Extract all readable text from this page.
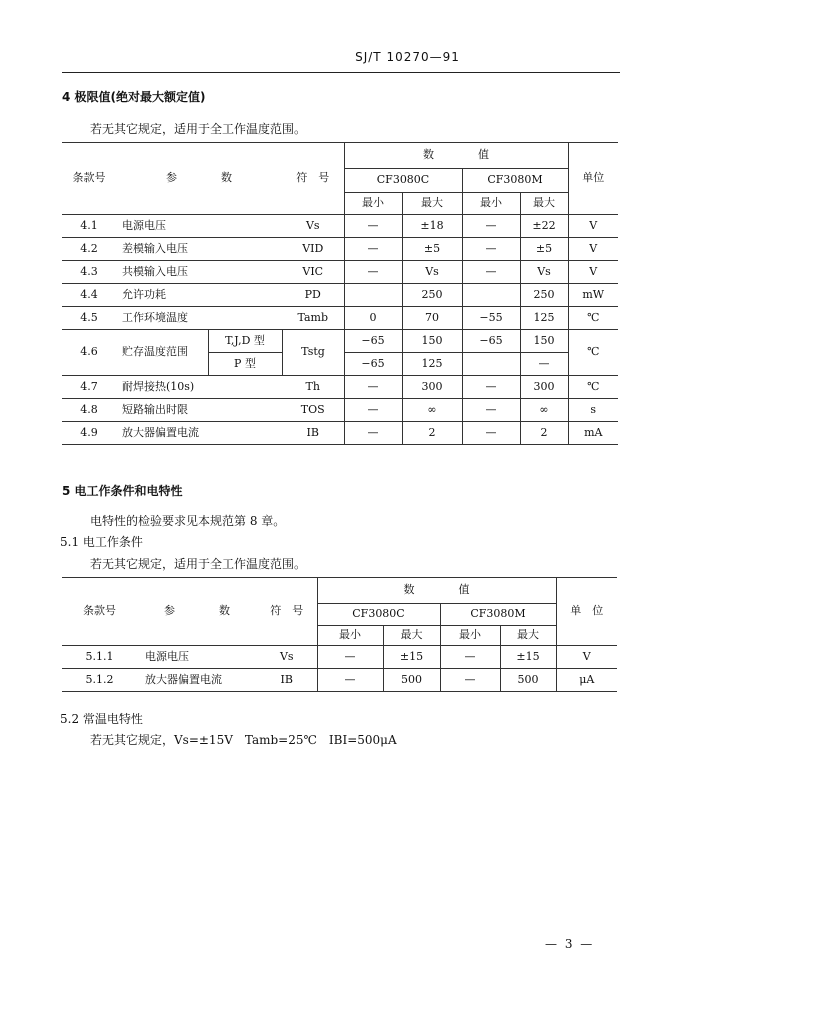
SJ/T 10270—91
4 极限值(绝对最大额定值)
若无其它规定，适用于全工作温度范围。
条款号	参　　　　数		符　号	数　　　　值				单位
				CF3080C		CF3080M		
				最小	最大	最小	最大	
4.1	电源电压		Vs	—	±18	—	±22	V
4.2	差模输入电压		VID	—	±5	—	±5	V
4.3	共模输入电压		VIC	—	Vs	—	Vs	V
4.4	允许功耗		PD		250		250	mW
4.5	工作环境温度		Tamb	0	70	−55	125	℃
4.6	贮存温度范围	T,J,D 型	Tstg	−65	150	−65	150	℃
		P 型		−65	125		—	
4.7	耐焊接热(10s)		Th	—	300	—	300	℃
4.8	短路输出时限		TOS	—	∞	—	∞	s
4.9	放大器偏置电流		IB	—	2	—	2	mA
5 电工作条件和电特性
电特性的检验要求见本规范第 8 章。
5.1 电工作条件
若无其它规定，适用于全工作温度范围。
条款号	参　　　　数	符　号	数　　　　值				单　位
			CF3080C		CF3080M		
			最小	最大	最小	最大	
5.1.1	电源电压	Vs	—	±15	—	±15	V
5.1.2	放大器偏置电流	IB	—	500	—	500	μA
5.2 常温电特性
若无其它规定，Vs=±15V　Tamb=25℃　IBI=500μA
— 3 —
